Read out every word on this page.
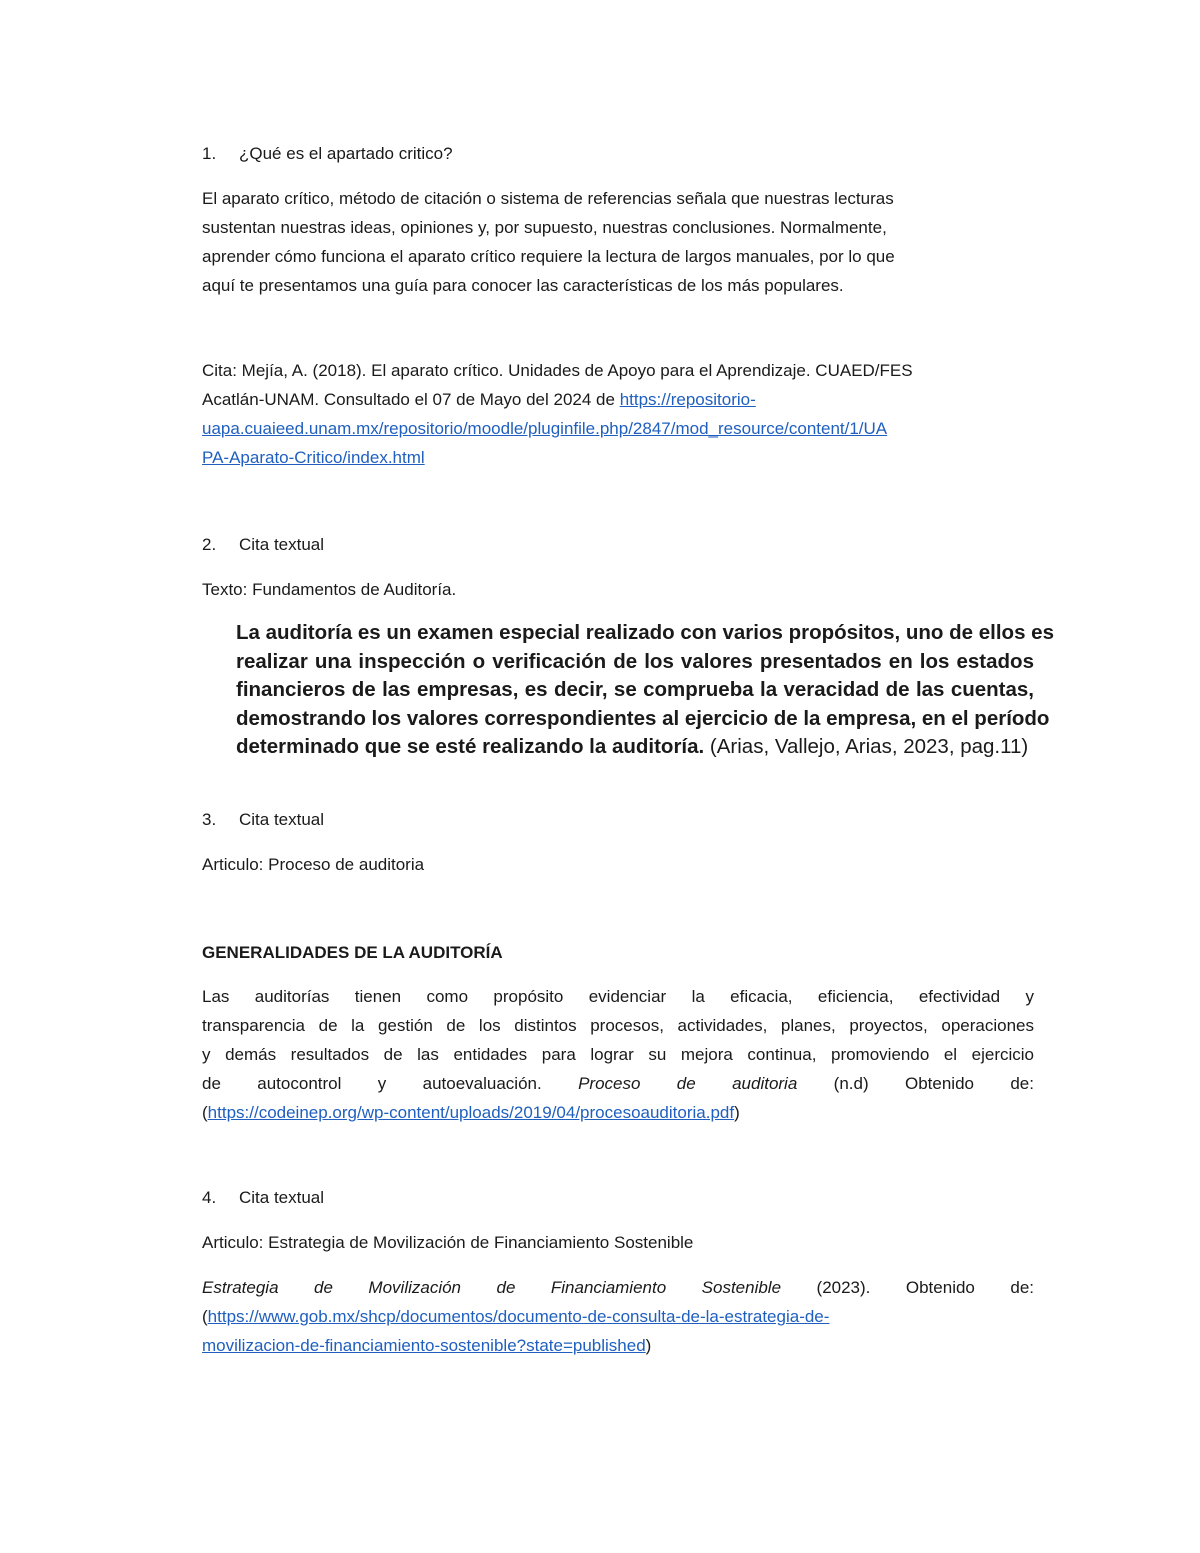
1.	¿Qué es el apartado critico?

El aparato crítico, método de citación o sistema de referencias señala que nuestras lecturas
sustentan nuestras ideas, opiniones y, por supuesto, nuestras conclusiones. Normalmente,
aprender cómo funciona el aparato crítico requiere la lectura de largos manuales, por lo que
aquí te presentamos una guía para conocer las características de los más populares.

Cita: Mejía, A. (2018). El aparato crítico. Unidades de Apoyo para el Aprendizaje. CUAED/FES
Acatlán-UNAM. Consultado el 07 de Mayo del 2024 de https://repositorio-
uapa.cuaieed.unam.mx/repositorio/moodle/pluginfile.php/2847/mod_resource/content/1/UA
PA-Aparato-Critico/index.html

2.	Cita textual

Texto: Fundamentos de Auditoría.

La auditoría es un examen especial realizado con varios propósitos, uno de ellos es
realizar una inspección o verificación de los valores presentados en los estados
financieros de las empresas, es decir, se comprueba la veracidad de las cuentas,
demostrando los valores correspondientes al ejercicio de la empresa, en el período
determinado que se esté realizando la auditoría. (Arias, Vallejo, Arias, 2023, pag.11)

3.	Cita textual

Articulo: Proceso de auditoria

GENERALIDADES DE LA AUDITORÍA

Las auditorías tienen como propósito evidenciar la eficacia, eficiencia, efectividad y
transparencia de la gestión de los distintos procesos, actividades, planes, proyectos, operaciones
y demás resultados de las entidades para lograr su mejora continua, promoviendo el ejercicio
de autocontrol y autoevaluación. Proceso de auditoria (n.d) Obtenido de:
(https://codeinep.org/wp-content/uploads/2019/04/procesoauditoria.pdf)

4.	Cita textual

Articulo: Estrategia de Movilización de Financiamiento Sostenible

Estrategia de Movilización de Financiamiento Sostenible (2023). Obtenido de:
(https://www.gob.mx/shcp/documentos/documento-de-consulta-de-la-estrategia-de-
movilizacion-de-financiamiento-sostenible?state=published)
